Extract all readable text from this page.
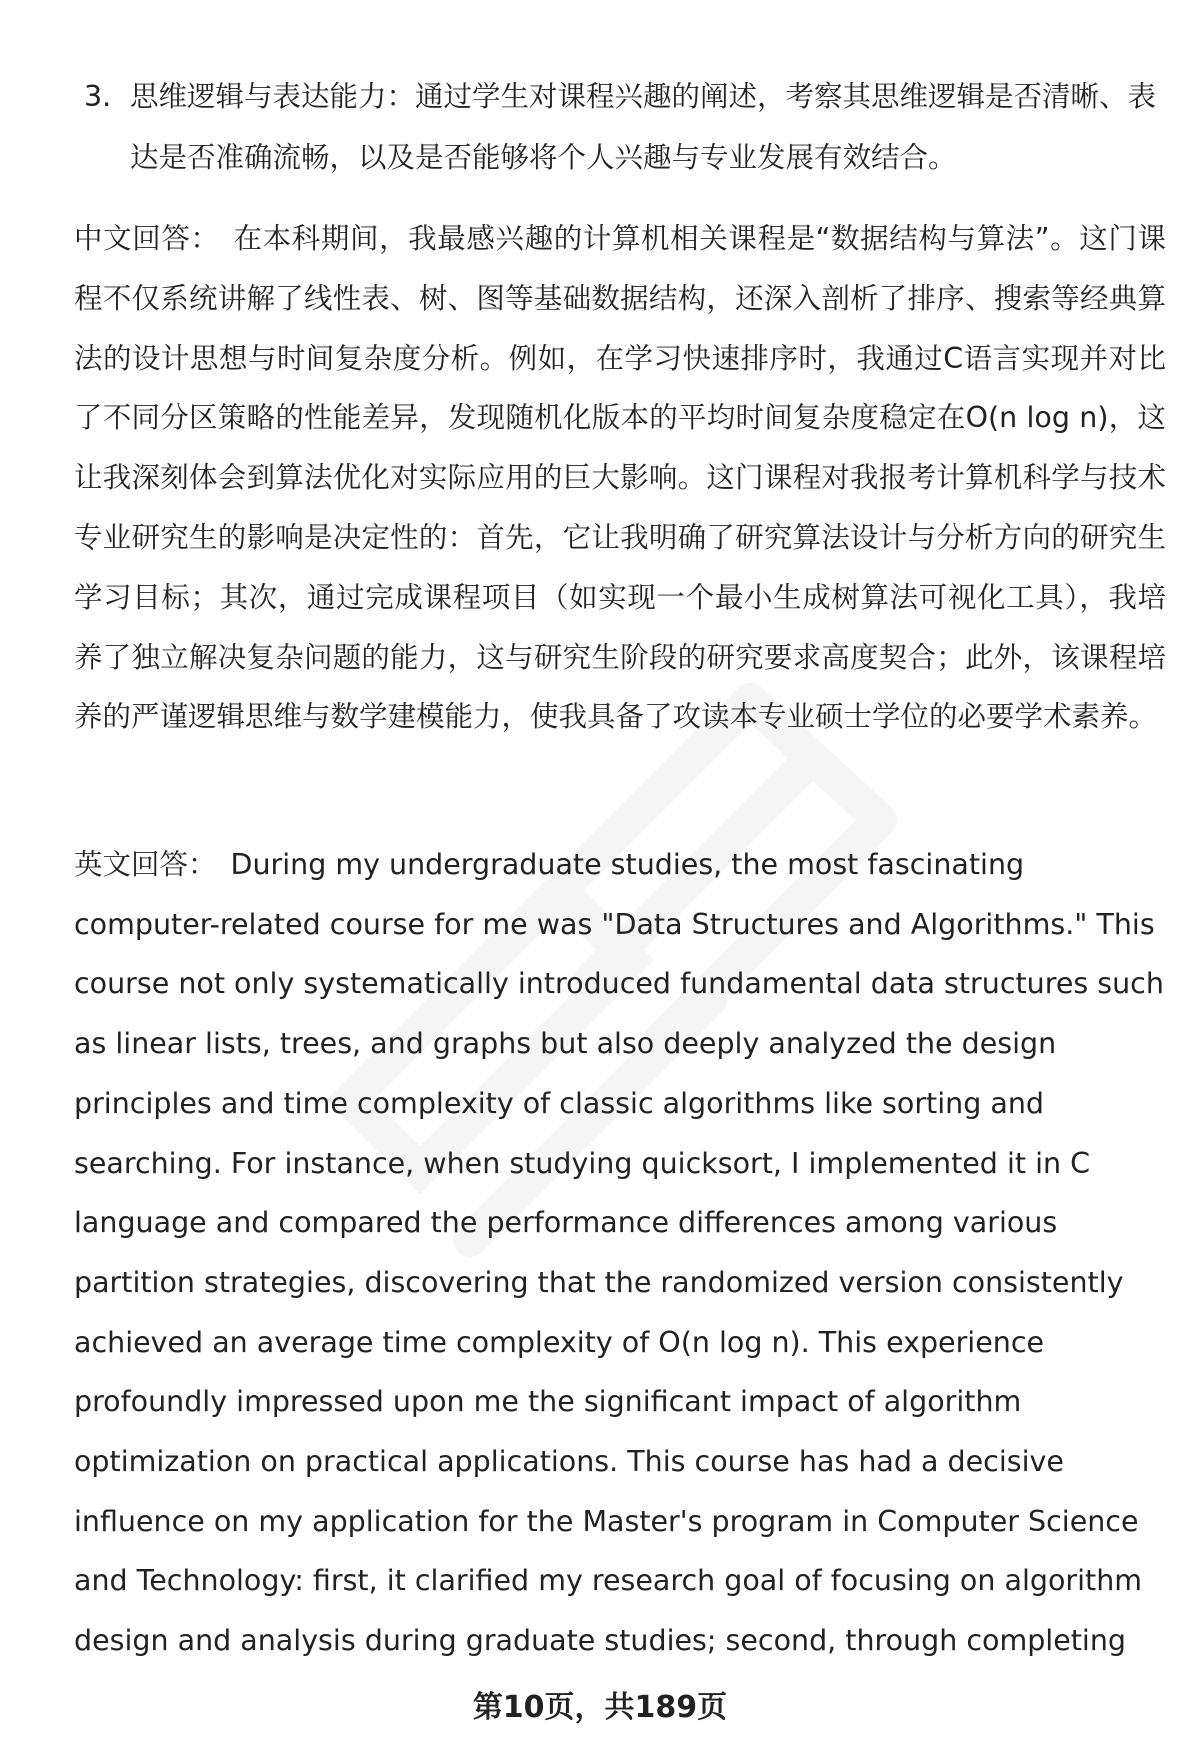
3. 思维逻辑与表达能力：通过学生对课程兴趣的阐述，考察其思维逻辑是否清晰、表达是否准确流畅，以及是否能够将个人兴趣与专业发展有效结合。
中文回答： 在本科期间，我最感兴趣的计算机相关课程是“数据结构与算法”。这门课程不仅系统讲解了线性表、树、图等基础数据结构，还深入剖析了排序、搜索等经典算法的设计思想与时间复杂度分析。例如，在学习快速排序时，我通过C语言实现并对比了不同分区策略的性能差异，发现随机化版本的平均时间复杂度稳定在O(n log n)，这让我深刻体会到算法优化对实际应用的巨大影响。这门课程对我报考计算机科学与技术专业研究生的影响是决定性的：首先，它让我明确了研究算法设计与分析方向的研究生学习目标；其次，通过完成课程项目（如实现一个最小生成树算法可视化工具），我培养了独立解决复杂问题的能力，这与研究生阶段的研究要求高度契合；此外，该课程培养的严谨逻辑思维与数学建模能力，使我具备了攻读本专业硕士学位的必要学术素养。
英文回答： During my undergraduate studies, the most fascinating computer-related course for me was "Data Structures and Algorithms." This course not only systematically introduced fundamental data structures such as linear lists, trees, and graphs but also deeply analyzed the design principles and time complexity of classic algorithms like sorting and searching. For instance, when studying quicksort, I implemented it in C language and compared the performance differences among various partition strategies, discovering that the randomized version consistently achieved an average time complexity of O(n log n). This experience profoundly impressed upon me the significant impact of algorithm optimization on practical applications. This course has had a decisive influence on my application for the Master's program in Computer Science and Technology: first, it clarified my research goal of focusing on algorithm design and analysis during graduate studies; second, through completing
第10页，共189页
